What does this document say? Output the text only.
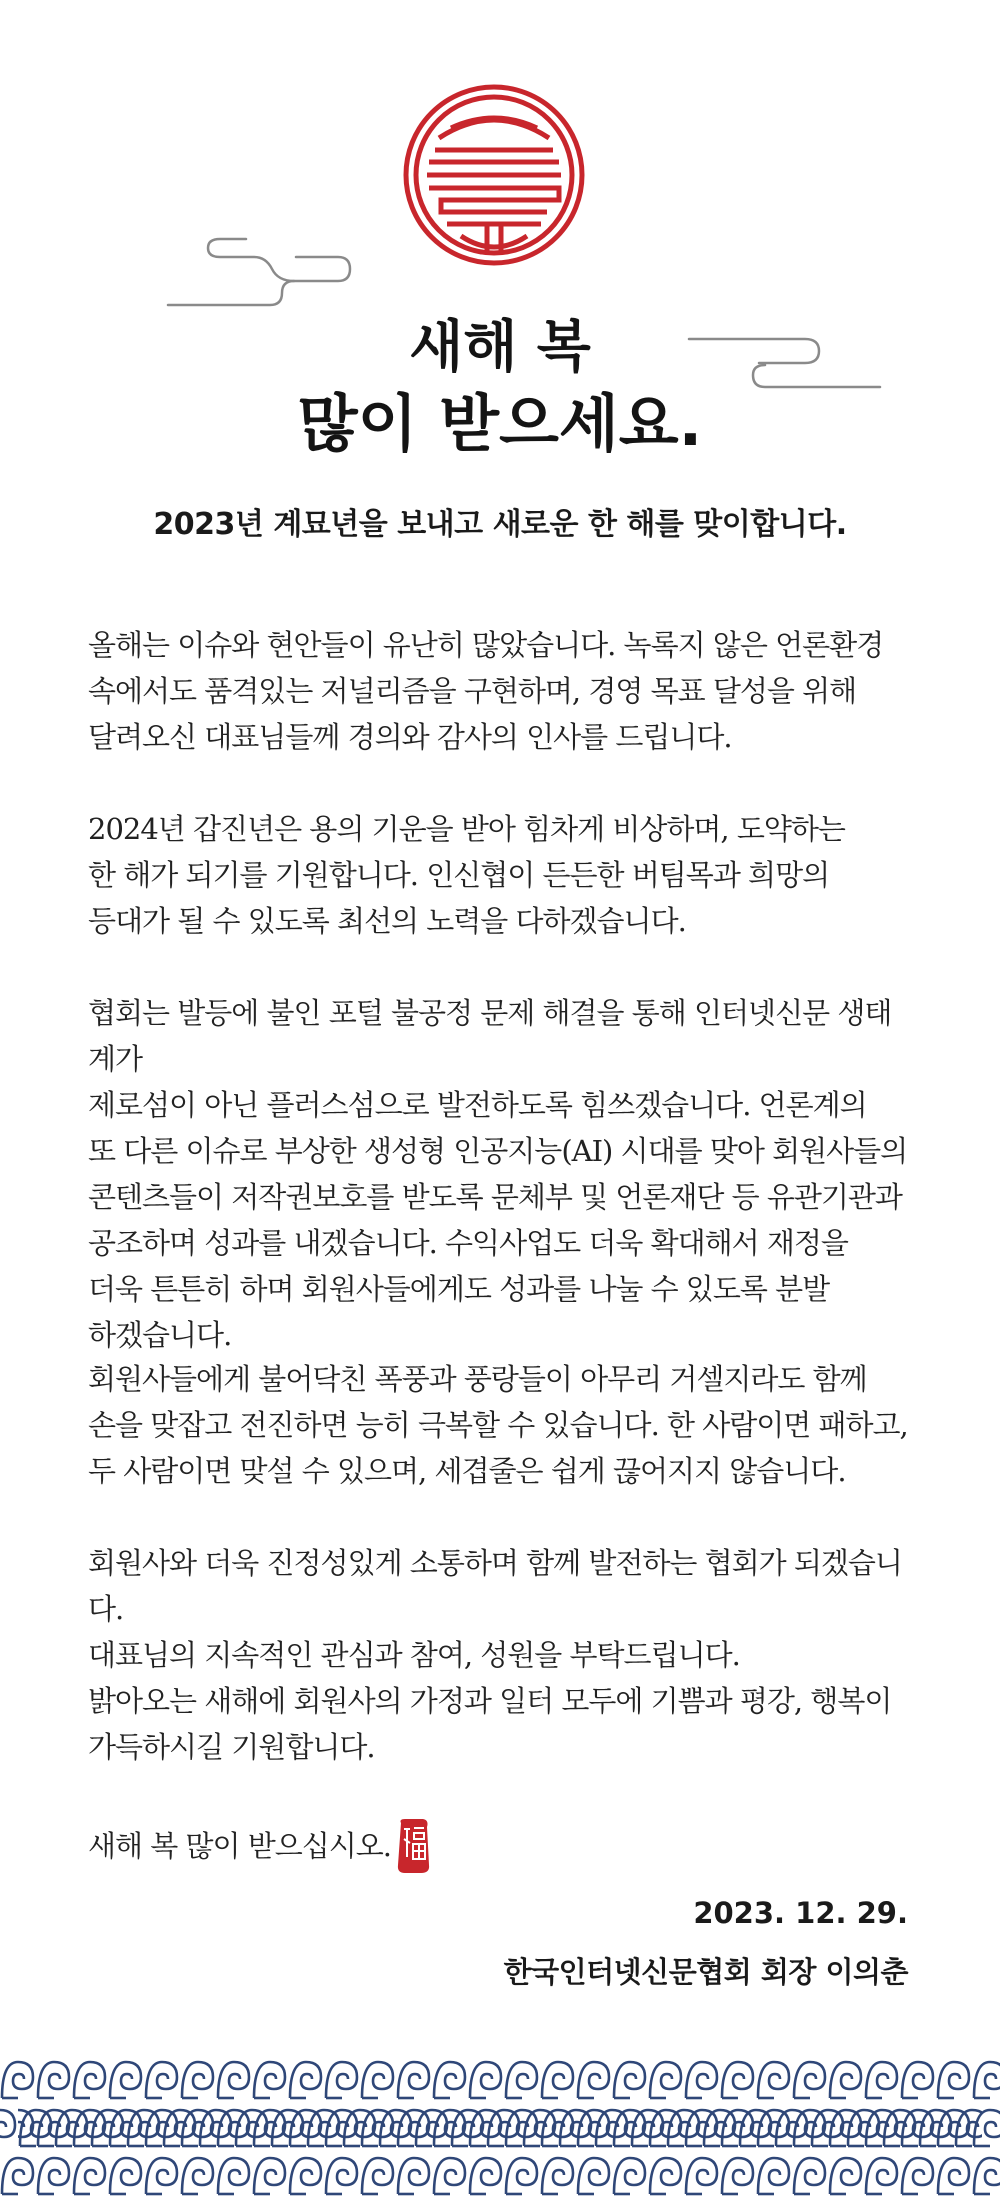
새해 복
많이 받으세요.
2023년 계묘년을 보내고 새로운 한 해를 맞이합니다.

올해는 이슈와 현안들이 유난히 많았습니다. 녹록지 않은 언론환경
속에서도 품격있는 저널리즘을 구현하며, 경영 목표 달성을 위해
달려오신 대표님들께 경의와 감사의 인사를 드립니다.

2024년 갑진년은 용의 기운을 받아 힘차게 비상하며, 도약하는
한 해가 되기를 기원합니다. 인신협이 든든한 버팀목과 희망의
등대가 될 수 있도록 최선의 노력을 다하겠습니다.

협회는 발등에 불인 포털 불공정 문제 해결을 통해 인터넷신문 생태계가
제로섬이 아닌 플러스섬으로 발전하도록 힘쓰겠습니다. 언론계의
또 다른 이슈로 부상한 생성형 인공지능(AI) 시대를 맞아 회원사들의
콘텐츠들이 저작권보호를 받도록 문체부 및 언론재단 등 유관기관과
공조하며 성과를 내겠습니다. 수익사업도 더욱 확대해서 재정을
더욱 튼튼히 하며 회원사들에게도 성과를 나눌 수 있도록 분발
하겠습니다.

회원사들에게 불어닥친 폭풍과 풍랑들이 아무리 거셀지라도 함께
손을 맞잡고 전진하면 능히 극복할 수 있습니다. 한 사람이면 패하고,
두 사람이면 맞설 수 있으며, 세겹줄은 쉽게 끊어지지 않습니다.

회원사와 더욱 진정성있게 소통하며 함께 발전하는 협회가 되겠습니다.
대표님의 지속적인 관심과 참여, 성원을 부탁드립니다.

밝아오는 새해에 회원사의 가정과 일터 모두에 기쁨과 평강, 행복이
가득하시길 기원합니다.

새해 복 많이 받으십시오.
2023. 12. 29.
한국인터넷신문협회 회장 이의춘
